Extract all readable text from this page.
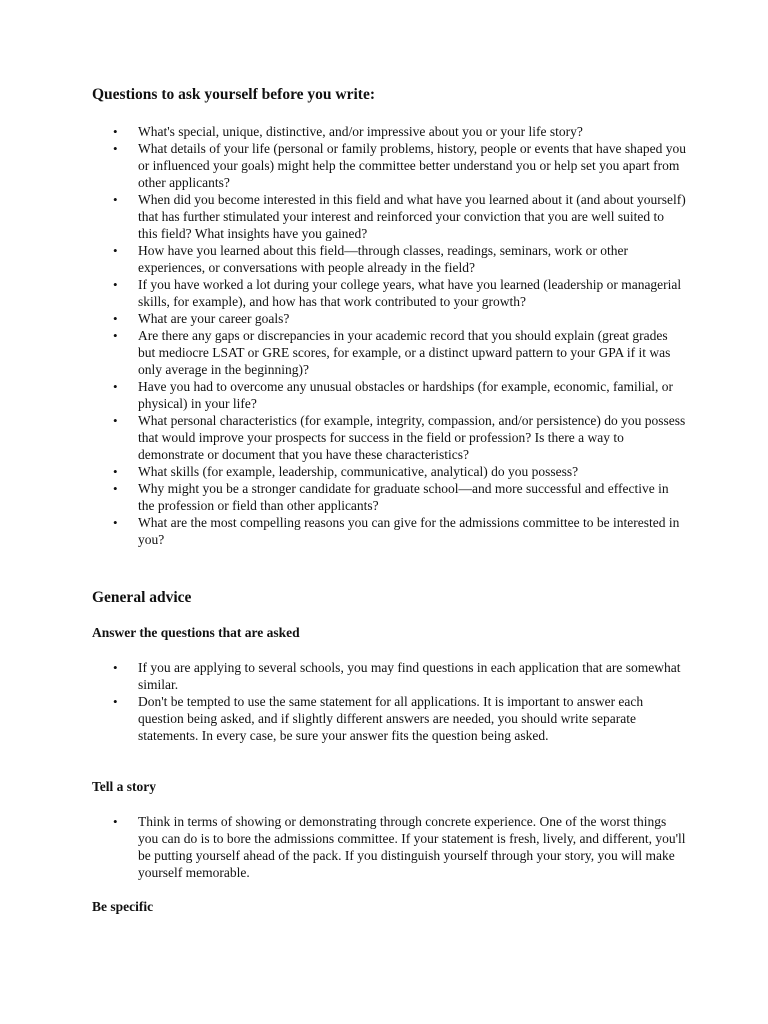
Questions to ask yourself before you write:
• What's special, unique, distinctive, and/or impressive about you or your life story?
• What details of your life (personal or family problems, history, people or events that have shaped you or influenced your goals) might help the committee better understand you or help set you apart from other applicants?
• When did you become interested in this field and what have you learned about it (and about yourself) that has further stimulated your interest and reinforced your conviction that you are well suited to this field? What insights have you gained?
• How have you learned about this field—through classes, readings, seminars, work or other experiences, or conversations with people already in the field?
• If you have worked a lot during your college years, what have you learned (leadership or managerial skills, for example), and how has that work contributed to your growth?
• What are your career goals?
• Are there any gaps or discrepancies in your academic record that you should explain (great grades but mediocre LSAT or GRE scores, for example, or a distinct upward pattern to your GPA if it was only average in the beginning)?
• Have you had to overcome any unusual obstacles or hardships (for example, economic, familial, or physical) in your life?
• What personal characteristics (for example, integrity, compassion, and/or persistence) do you possess that would improve your prospects for success in the field or profession? Is there a way to demonstrate or document that you have these characteristics?
• What skills (for example, leadership, communicative, analytical) do you possess?
• Why might you be a stronger candidate for graduate school—and more successful and effective in the profession or field than other applicants?
• What are the most compelling reasons you can give for the admissions committee to be interested in you?
General advice
Answer the questions that are asked
• If you are applying to several schools, you may find questions in each application that are somewhat similar.
• Don't be tempted to use the same statement for all applications. It is important to answer each question being asked, and if slightly different answers are needed, you should write separate statements. In every case, be sure your answer fits the question being asked.
Tell a story
• Think in terms of showing or demonstrating through concrete experience. One of the worst things you can do is to bore the admissions committee. If your statement is fresh, lively, and different, you'll be putting yourself ahead of the pack. If you distinguish yourself through your story, you will make yourself memorable.
Be specific
